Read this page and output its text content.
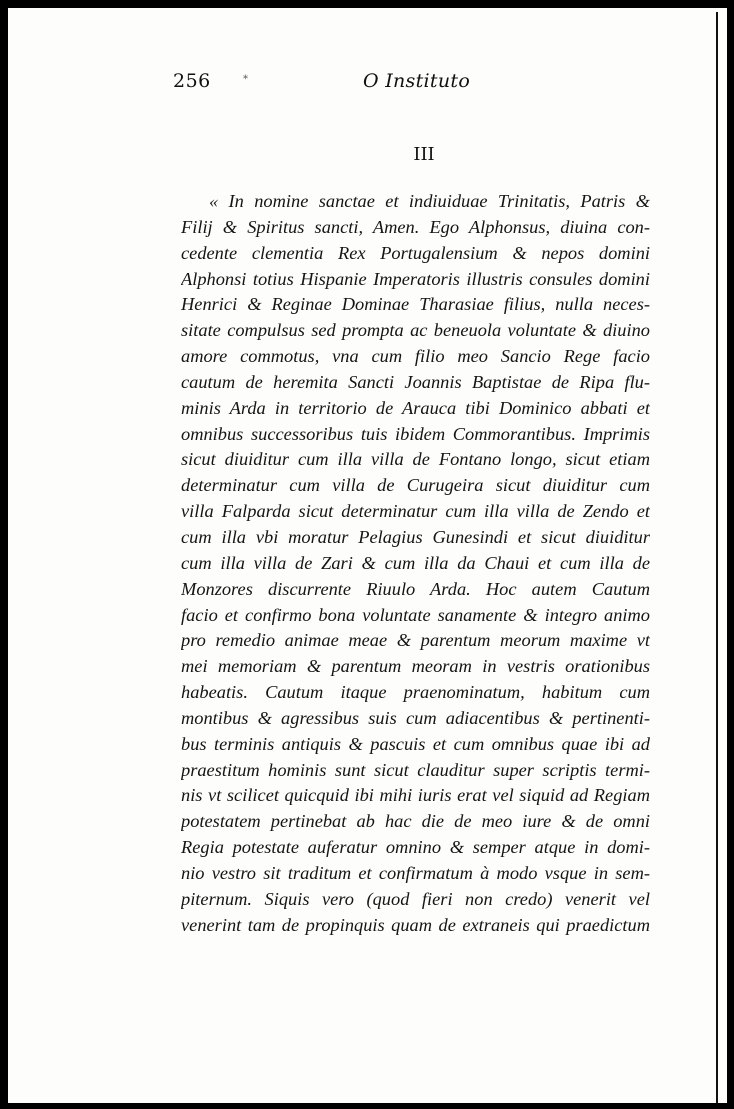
256	*	O Instituto
III
« In nomine sanctae et indiuiduae Trinitatis, Patris &
Filij & Spiritus sancti, Amen. Ego Alphonsus, diuina con-
cedente clementia Rex Portugalensium & nepos domini
Alphonsi totius Hispanie Imperatoris illustris consules domini
Henrici & Reginae Dominae Tharasiae filius, nulla neces-
sitate compulsus sed prompta ac beneuola voluntate & diuino
amore commotus, vna cum filio meo Sancio Rege facio
cautum de heremita Sancti Joannis Baptistae de Ripa flu-
minis Arda in territorio de Arauca tibi Dominico abbati et
omnibus successoribus tuis ibidem Commorantibus. Imprimis
sicut diuiditur cum illa villa de Fontano longo, sicut etiam
determinatur cum villa de Curugeira sicut diuiditur cum
villa Falparda sicut determinatur cum illa villa de Zendo et
cum illa vbi moratur Pelagius Gunesindi et sicut diuiditur
cum illa villa de Zari & cum illa da Chaui et cum illa de
Monzores discurrente Riuulo Arda. Hoc autem Cautum
facio et confirmo bona voluntate sanamente & integro animo
pro remedio animae meae & parentum meorum maxime vt
mei memoriam & parentum meoram in vestris orationibus
habeatis. Cautum itaque praenominatum, habitum cum
montibus & agressibus suis cum adiacentibus & pertinenti-
bus terminis antiquis & pascuis et cum omnibus quae ibi ad
praestitum hominis sunt sicut clauditur super scriptis termi-
nis vt scilicet quicquid ibi mihi iuris erat vel siquid ad Regiam
potestatem pertinebat ab hac die de meo iure & de omni
Regia potestate auferatur omnino & semper atque in domi-
nio vestro sit traditum et confirmatum à modo vsque in sem-
piternum. Siquis vero (quod fieri non credo) venerit vel
venerint tam de propinquis quam de extraneis qui praedictum
